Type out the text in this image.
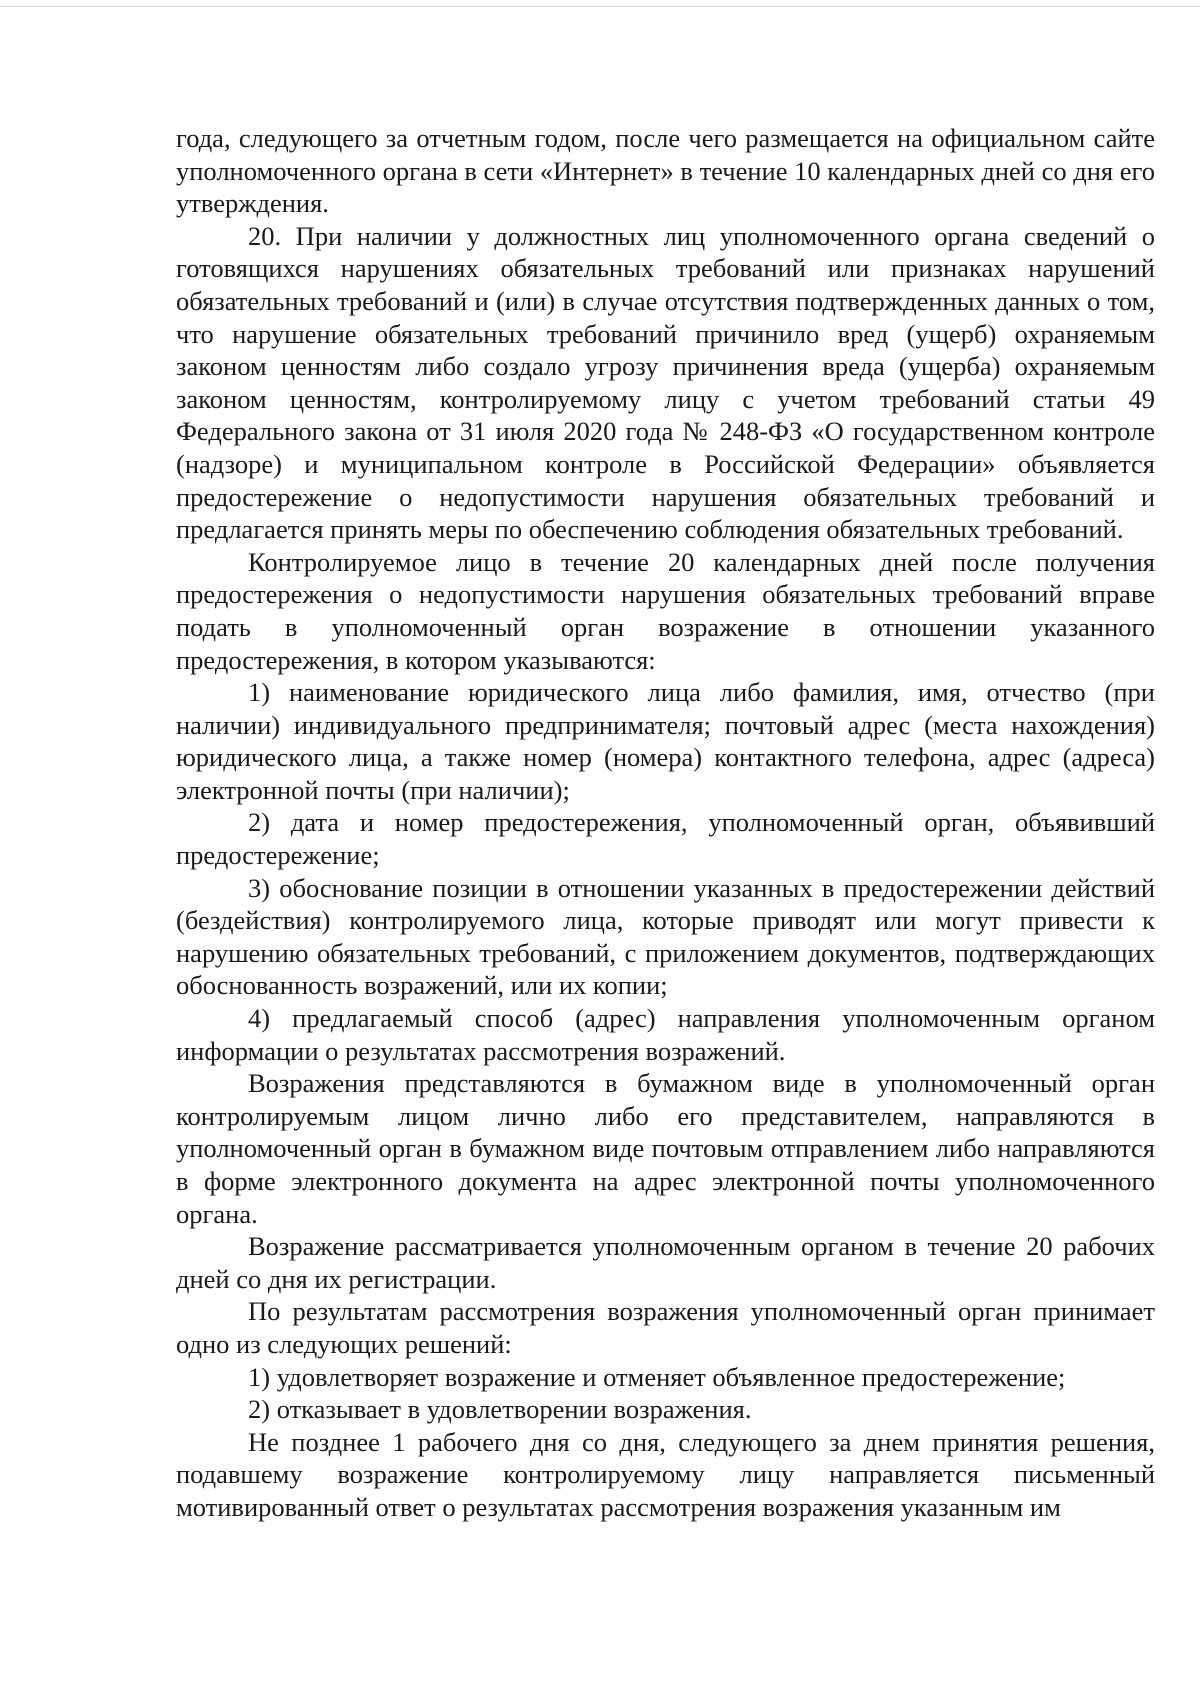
года, следующего за отчетным годом, после чего размещается на официальном сайте уполномоченного органа в сети «Интернет» в течение 10 календарных дней со дня его утверждения.

20. При наличии у должностных лиц уполномоченного органа сведений о готовящихся нарушениях обязательных требований или признаках нарушений обязательных требований и (или) в случае отсутствия подтвержденных данных о том, что нарушение обязательных требований причинило вред (ущерб) охраняемым законом ценностям либо создало угрозу причинения вреда (ущерба) охраняемым законом ценностям, контролируемому лицу с учетом требований статьи 49 Федерального закона от 31 июля 2020 года № 248-ФЗ «О государственном контроле (надзоре) и муниципальном контроле в Российской Федерации» объявляется предостережение о недопустимости нарушения обязательных требований и предлагается принять меры по обеспечению соблюдения обязательных требований.

Контролируемое лицо в течение 20 календарных дней после получения предостережения о недопустимости нарушения обязательных требований вправе подать в уполномоченный орган возражение в отношении указанного предостережения, в котором указываются:

1) наименование юридического лица либо фамилия, имя, отчество (при наличии) индивидуального предпринимателя; почтовый адрес (места нахождения) юридического лица, а также номер (номера) контактного телефона, адрес (адреса) электронной почты (при наличии);

2) дата и номер предостережения, уполномоченный орган, объявивший предостережение;

3) обоснование позиции в отношении указанных в предостережении действий (бездействия) контролируемого лица, которые приводят или могут привести к нарушению обязательных требований, с приложением документов, подтверждающих обоснованность возражений, или их копии;

4) предлагаемый способ (адрес) направления уполномоченным органом информации о результатах рассмотрения возражений.

Возражения представляются в бумажном виде в уполномоченный орган контролируемым лицом лично либо его представителем, направляются в уполномоченный орган в бумажном виде почтовым отправлением либо направляются в форме электронного документа на адрес электронной почты уполномоченного органа.

Возражение рассматривается уполномоченным органом в течение 20 рабочих дней со дня их регистрации.

По результатам рассмотрения возражения уполномоченный орган принимает одно из следующих решений:

1) удовлетворяет возражение и отменяет объявленное предостережение;

2) отказывает в удовлетворении возражения.

Не позднее 1 рабочего дня со дня, следующего за днем принятия решения, подавшему возражение контролируемому лицу направляется письменный мотивированный ответ о результатах рассмотрения возражения указанным им
